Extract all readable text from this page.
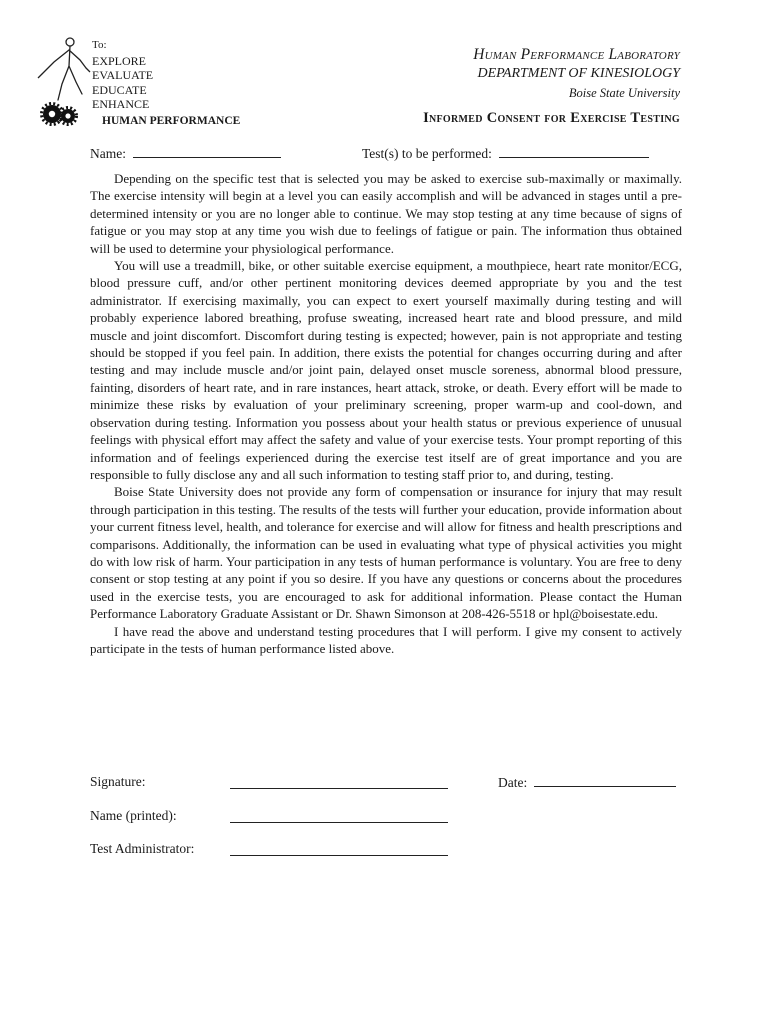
To:
EXPLORE
EVALUATE
EDUCATE
ENHANCE
HUMAN PERFORMANCE
Human Performance Laboratory
DEPARTMENT OF KINESIOLOGY
Boise State University
Informed Consent for Exercise Testing
Name:	Test(s) to be performed:

Depending on the specific test that is selected you may be asked to exercise sub-maximally or maximally. The exercise intensity will begin at a level you can easily accomplish and will be advanced in stages until a pre-determined intensity or you are no longer able to continue. We may stop testing at any time because of signs of fatigue or you may stop at any time you wish due to feelings of fatigue or pain. The information thus obtained will be used to determine your physiological performance.

You will use a treadmill, bike, or other suitable exercise equipment, a mouthpiece, heart rate monitor/ECG, blood pressure cuff, and/or other pertinent monitoring devices deemed appropriate by you and the test administrator. If exercising maximally, you can expect to exert yourself maximally during testing and will probably experience labored breathing, profuse sweating, increased heart rate and blood pressure, and mild muscle and joint discomfort. Discomfort during testing is expected; however, pain is not appropriate and testing should be stopped if you feel pain. In addition, there exists the potential for changes occurring during and after testing and may include muscle and/or joint pain, delayed onset muscle soreness, abnormal blood pressure, fainting, disorders of heart rate, and in rare instances, heart attack, stroke, or death. Every effort will be made to minimize these risks by evaluation of your preliminary screening, proper warm-up and cool-down, and observation during testing. Information you possess about your health status or previous experience of unusual feelings with physical effort may affect the safety and value of your exercise tests. Your prompt reporting of this information and of feelings experienced during the exercise test itself are of great importance and you are responsible to fully disclose any and all such information to testing staff prior to, and during, testing.

Boise State University does not provide any form of compensation or insurance for injury that may result through participation in this testing. The results of the tests will further your education, provide information about your current fitness level, health, and tolerance for exercise and will allow for fitness and health prescriptions and comparisons. Additionally, the information can be used in evaluating what type of physical activities you might do with low risk of harm. Your participation in any tests of human performance is voluntary. You are free to deny consent or stop testing at any point if you so desire. If you have any questions or concerns about the procedures used in the exercise tests, you are encouraged to ask for additional information. Please contact the Human Performance Laboratory Graduate Assistant or Dr. Shawn Simonson at 208-426-5518 or hpl@boisestate.edu.

I have read the above and understand testing procedures that I will perform. I give my consent to actively participate in the tests of human performance listed above.

Signature:	Date:
Name (printed):
Test Administrator:
